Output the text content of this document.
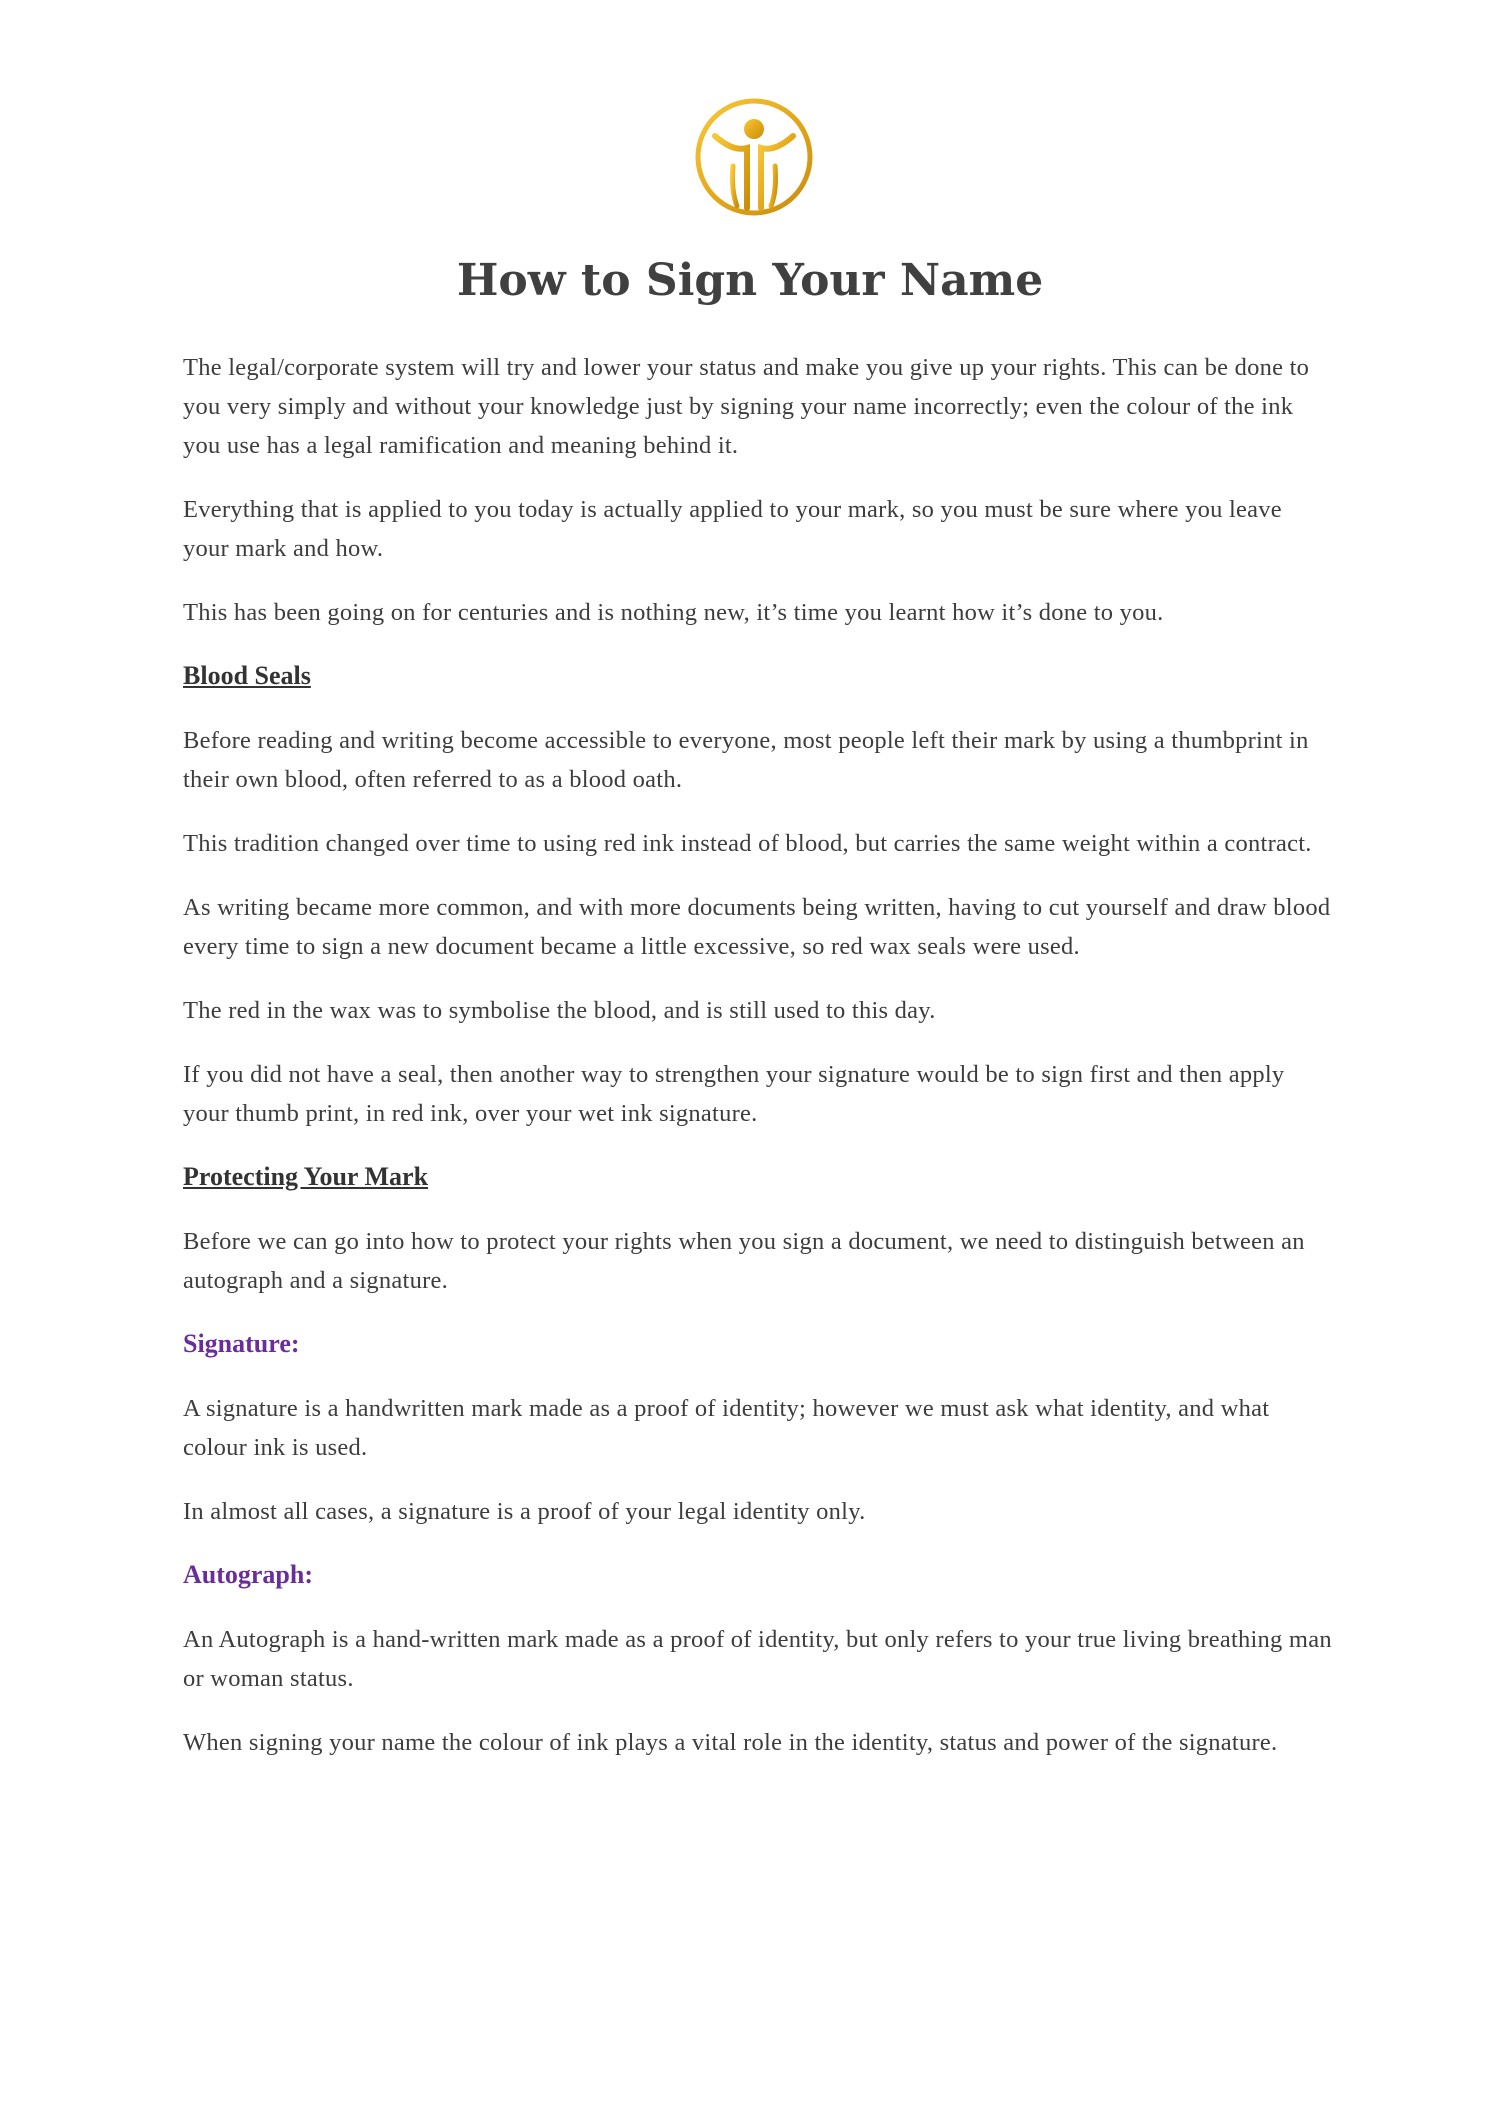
How to Sign Your Name

The legal/corporate system will try and lower your status and make you give up your rights. This can be done to you very simply and without your knowledge just by signing your name incorrectly; even the colour of the ink you use has a legal ramification and meaning behind it.

Everything that is applied to you today is actually applied to your mark, so you must be sure where you leave your mark and how.

This has been going on for centuries and is nothing new, it’s time you learnt how it’s done to you.

Blood Seals

Before reading and writing become accessible to everyone, most people left their mark by using a thumbprint in their own blood, often referred to as a blood oath.

This tradition changed over time to using red ink instead of blood, but carries the same weight within a contract.

As writing became more common, and with more documents being written, having to cut yourself and draw blood every time to sign a new document became a little excessive, so red wax seals were used.

The red in the wax was to symbolise the blood, and is still used to this day.

If you did not have a seal, then another way to strengthen your signature would be to sign first and then apply your thumb print, in red ink, over your wet ink signature.

Protecting Your Mark

Before we can go into how to protect your rights when you sign a document, we need to distinguish between an autograph and a signature.

Signature:

A signature is a handwritten mark made as a proof of identity; however we must ask what identity, and what colour ink is used.

In almost all cases, a signature is a proof of your legal identity only.

Autograph:

An Autograph is a hand-written mark made as a proof of identity, but only refers to your true living breathing man or woman status.

When signing your name the colour of ink plays a vital role in the identity, status and power of the signature.
